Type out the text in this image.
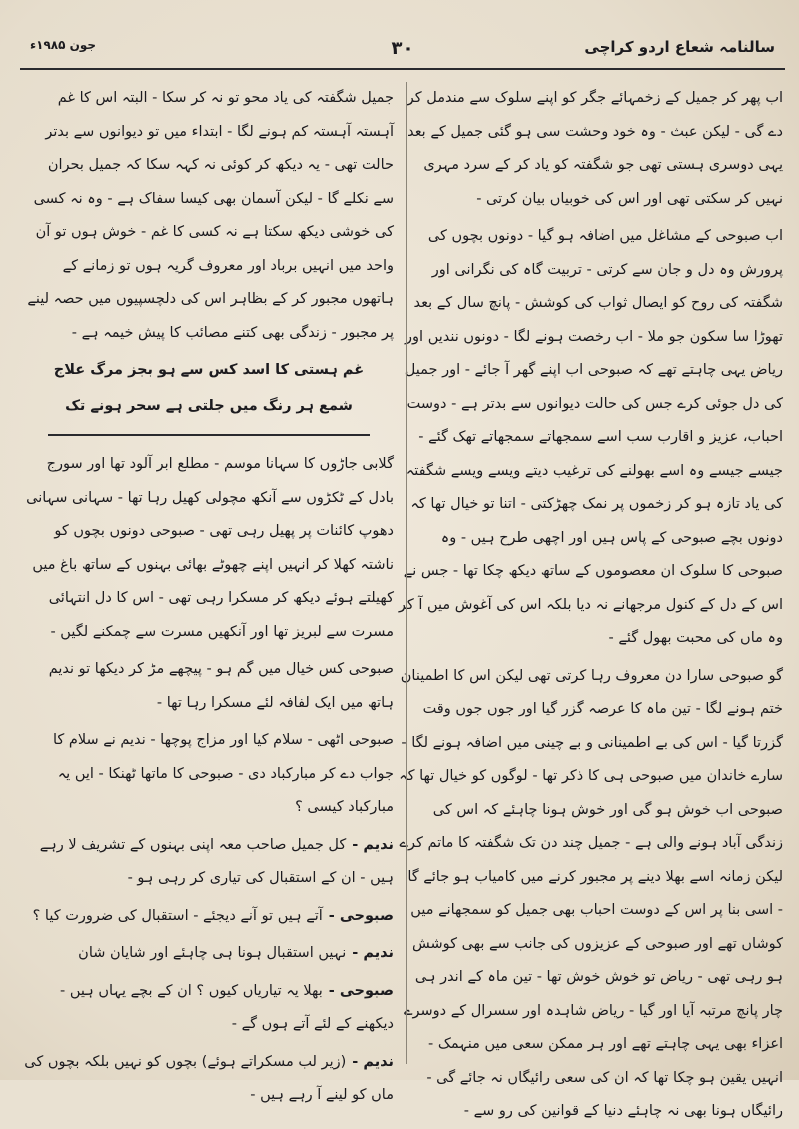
سالنامہ شعاع اردو کراچی
۳۰
جون ۱۹۸۵ء

اب پھر کر جمیل کے زخمہائے جگر کو اپنے سلوک سے مندمل کر دے گی - لیکن عبث - وہ خود وحشت سی ہو گئی جمیل کے بعد یہی دوسری ہستی تھی جو شگفتہ کو یاد کر کے سرد مہری نہیں کر سکتی تھی اور اس کی خوبیاں بیان کرتی -

اب صبوحی کے مشاغل میں اضافہ ہو گیا - دونوں بچوں کی پرورش وہ دل و جان سے کرتی - تربیت گاہ کی نگرانی اور شگفتہ کی روح کو ایصال ثواب کی کوشش - پانچ سال کے بعد تھوڑا سا سکون جو ملا - اب رخصت ہونے لگا - دونوں نندیں اور ریاض یہی چاہتے تھے کہ صبوحی اب اپنے گھر آ جائے - اور جمیل کی دل جوئی کرے جس کی حالت دیوانوں سے بدتر ہے - دوست احباب، عزیز و اقارب سب اسے سمجھاتے سمجھاتے تھک گئے - جیسے جیسے وہ اسے بھولنے کی ترغیب دیتے ویسے ویسے شگفتہ کی یاد تازہ ہو کر زخموں پر نمک چھڑکتی - اتنا تو خیال تھا کہ دونوں بچے صبوحی کے پاس ہیں اور اچھی طرح ہیں - وہ صبوحی کا سلوک ان معصوموں کے ساتھ دیکھ چکا تھا - جس نے اس کے دل کے کنول مرجھانے نہ دیا بلکہ اس کی آغوش میں آ کر وہ ماں کی محبت بھول گئے -

گو صبوحی سارا دن معروف رہا کرتی تھی لیکن اس کا اطمینان ختم ہونے لگا - تین ماہ کا عرصہ گزر گیا اور جوں جوں وقت گزرتا گیا - اس کی بے اطمینانی و بے چینی میں اضافہ ہونے لگا - سارے خاندان میں صبوحی ہی کا ذکر تھا - لوگوں کو خیال تھا کہ صبوحی اب خوش ہو گی اور خوش ہونا چاہئے کہ اس کی زندگی آباد ہونے والی ہے - جمیل چند دن تک شگفتہ کا ماتم کرے لیکن زمانہ اسے بھلا دینے پر مجبور کرنے میں کامیاب ہو جائے گا - اسی بنا پر اس کے دوست احباب بھی جمیل کو سمجھانے میں کوشاں تھے اور صبوحی کے عزیزوں کی جانب سے بھی کوشش ہو رہی تھی - ریاض تو خوش خوش تھا - تین ماہ کے اندر ہی چار پانچ مرتبہ آیا اور گیا - ریاض شاہدہ اور سسرال کے دوسرے اعزاء بھی یہی چاہتے تھے اور ہر ممکن سعی میں منہمک - انہیں یقین ہو چکا تھا کہ ان کی سعی رائیگاں نہ جائے گی - رائیگاں ہونا بھی نہ چاہئے دنیا کے قوانین کی رو سے -

جمیل شگفتہ کی یاد محو تو نہ کر سکا - البتہ اس کا غم آہستہ آہستہ کم ہونے لگا - ابتداء میں تو دیوانوں سے بدتر حالت تھی - یہ دیکھ کر کوئی نہ کہہ سکا کہ جمیل بحران سے نکلے گا - لیکن آسمان بھی کیسا سفاک ہے - وہ نہ کسی کی خوشی دیکھ سکتا ہے نہ کسی کا غم - خوش ہوں تو آن واحد میں انہیں برباد اور معروف گریہ ہوں تو زمانے کے ہاتھوں مجبور کر کے بظاہر اس کی دلچسپیوں میں حصہ لینے پر مجبور - زندگی بھی کتنے مصائب کا پیش خیمہ ہے -

غم ہستی کا اسد کس سے ہو بجز مرگ علاج

شمع ہر رنگ میں جلتی ہے سحر ہونے تک

گلابی جاڑوں کا سہانا موسم - مطلع ابر آلود تھا اور سورج بادل کے ٹکڑوں سے آنکھ مچولی کھیل رہا تھا - سہانی سہانی دھوپ کائنات پر پھیل رہی تھی - صبوحی دونوں بچوں کو ناشتہ کھلا کر انہیں اپنے چھوٹے بھائی بہنوں کے ساتھ باغ میں کھیلتے ہوئے دیکھ کر مسکرا رہی تھی - اس کا دل انتہائی مسرت سے لبریز تھا اور آنکھیں مسرت سے چمکنے لگیں -

صبوحی کس خیال میں گم ہو - پیچھے مڑ کر دیکھا تو ندیم ہاتھ میں ایک لفافہ لئے مسکرا رہا تھا -

صبوحی اٹھی - سلام کیا اور مزاج پوچھا - ندیم نے سلام کا جواب دے کر مبارکباد دی - صبوحی کا ماتھا ٹھنکا - ایں یہ مبارکباد کیسی ؟

ندیم -کل جمیل صاحب معہ اپنی بہنوں کے تشریف لا رہے ہیں - ان کے استقبال کی تیاری کر رہی ہو -

صبوحی -آتے ہیں تو آنے دیجئے - استقبال کی ضرورت کیا ؟

ندیم -نہیں استقبال ہونا ہی چاہئے اور شایان شان

صبوحی -بھلا یہ تیاریاں کیوں ؟ ان کے بچے یہاں ہیں - دیکھنے کے لئے آتے ہوں گے -

ندیم -(زیر لب مسکراتے ہوئے) بچوں کو نہیں بلکہ بچوں کی ماں کو لینے آ رہے ہیں -
